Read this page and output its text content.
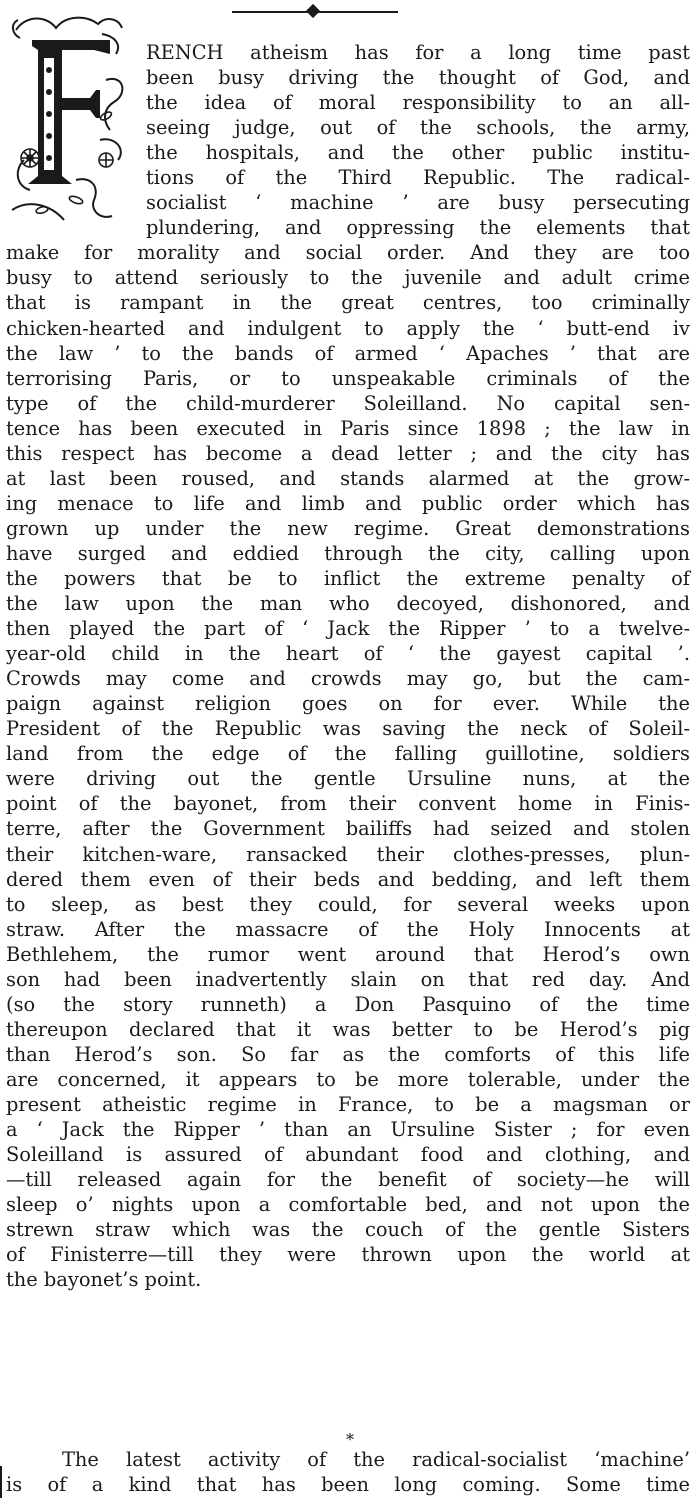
RENCH atheism has for a long time past
been busy driving the thought of God, and
the idea of moral responsibility to an all-
seeing judge, out of the schools, the army,
the hospitals, and the other public institu-
tions of the Third Republic. The radical-
socialist ‘ machine ’ are busy persecuting
plundering, and oppressing the elements that
make for morality and social order. And they are too
busy to attend seriously to the juvenile and adult crime
that is rampant in the great centres, too criminally
chicken-hearted and indulgent to apply the ‘ butt-end iv
the law ’ to the bands of armed ‘ Apaches ’ that are
terrorising Paris, or to unspeakable criminals of the
type of the child-murderer Soleilland. No capital sen-
tence has been executed in Paris since 1898 ; the law in
this respect has become a dead letter ; and the city has
at last been roused, and stands alarmed at the grow-
ing menace to life and limb and public order which has
grown up under the new regime. Great demonstrations
have surged and eddied through the city, calling upon
the powers that be to inflict the extreme penalty of
the law upon the man who decoyed, dishonored, and
then played the part of ‘ Jack the Ripper ’ to a twelve-
year-old child in the heart of ‘ the gayest capital ’.
Crowds may come and crowds may go, but the cam-
paign against religion goes on for ever. While the
President of the Republic was saving the neck of Soleil-
land from the edge of the falling guillotine, soldiers
were driving out the gentle Ursuline nuns, at the
point of the bayonet, from their convent home in Finis-
terre, after the Government bailiffs had seized and stolen
their kitchen-ware, ransacked their clothes-presses, plun-
dered them even of their beds and bedding, and left them
to sleep, as best they could, for several weeks upon
straw. After the massacre of the Holy Innocents at
Bethlehem, the rumor went around that Herod’s own
son had been inadvertently slain on that red day. And
(so the story runneth) a Don Pasquino of the time
thereupon declared that it was better to be Herod’s pig
than Herod’s son. So far as the comforts of this life
are concerned, it appears to be more tolerable, under the
present atheistic regime in France, to be a magsman or
a ‘ Jack the Ripper ’ than an Ursuline Sister ; for even
Soleilland is assured of abundant food and clothing, and
—till released again for the benefit of society—he will
sleep o’ nights upon a comfortable bed, and not upon the
strewn straw which was the couch of the gentle Sisters
of Finisterre—till they were thrown upon the world at
the bayonet’s point.
*
The latest activity of the radical-socialist ‘machine’
is of a kind that has been long coming. Some time
